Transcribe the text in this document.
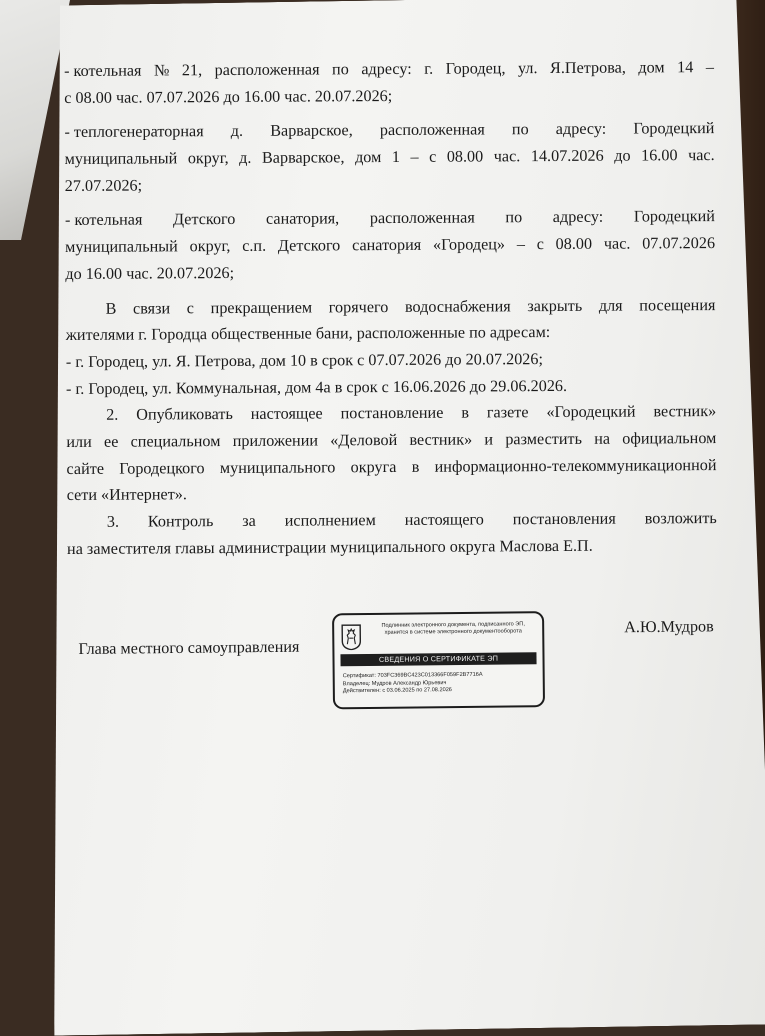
- котельная № 21, расположенная по адресу: г. Городец, ул. Я.Петрова, дом 14 –
с 08.00 час. 07.07.2026 до 16.00 час. 20.07.2026;
- теплогенераторная д. Варварское, расположенная по адресу: Городецкий
муниципальный округ, д. Варварское, дом 1 – с 08.00 час. 14.07.2026 до 16.00 час.
27.07.2026;
- котельная Детского санатория, расположенная по адресу: Городецкий
муниципальный округ, с.п. Детского санатория «Городец» – с 08.00 час. 07.07.2026
до 16.00 час. 20.07.2026;
В связи с прекращением горячего водоснабжения закрыть для посещения
жителями г. Городца общественные бани, расположенные по адресам:
- г. Городец, ул. Я. Петрова, дом 10 в срок с 07.07.2026 до 20.07.2026;
- г. Городец, ул. Коммунальная, дом 4а в срок с 16.06.2026 до 29.06.2026.
2. Опубликовать настоящее постановление в газете «Городецкий вестник»
или ее специальном приложении «Деловой вестник» и разместить на официальном
сайте Городецкого муниципального округа в информационно-телекоммуникационной
сети «Интернет».
3. Контроль за исполнением настоящего постановления возложить
на заместителя главы администрации муниципального округа Маслова Е.П.
Глава местного самоуправления
Подлинник электронного документа, подписанного ЭП,
хранится в системе электронного документооборота
СВЕДЕНИЯ О СЕРТИФИКАТЕ ЭП
Сертификат: 703FC369BC423C013366F059F2B7716A
Владелец: Мудров Александр Юрьевич
Действителен: с 03.06.2025 по 27.08.2026
А.Ю.Мудров
